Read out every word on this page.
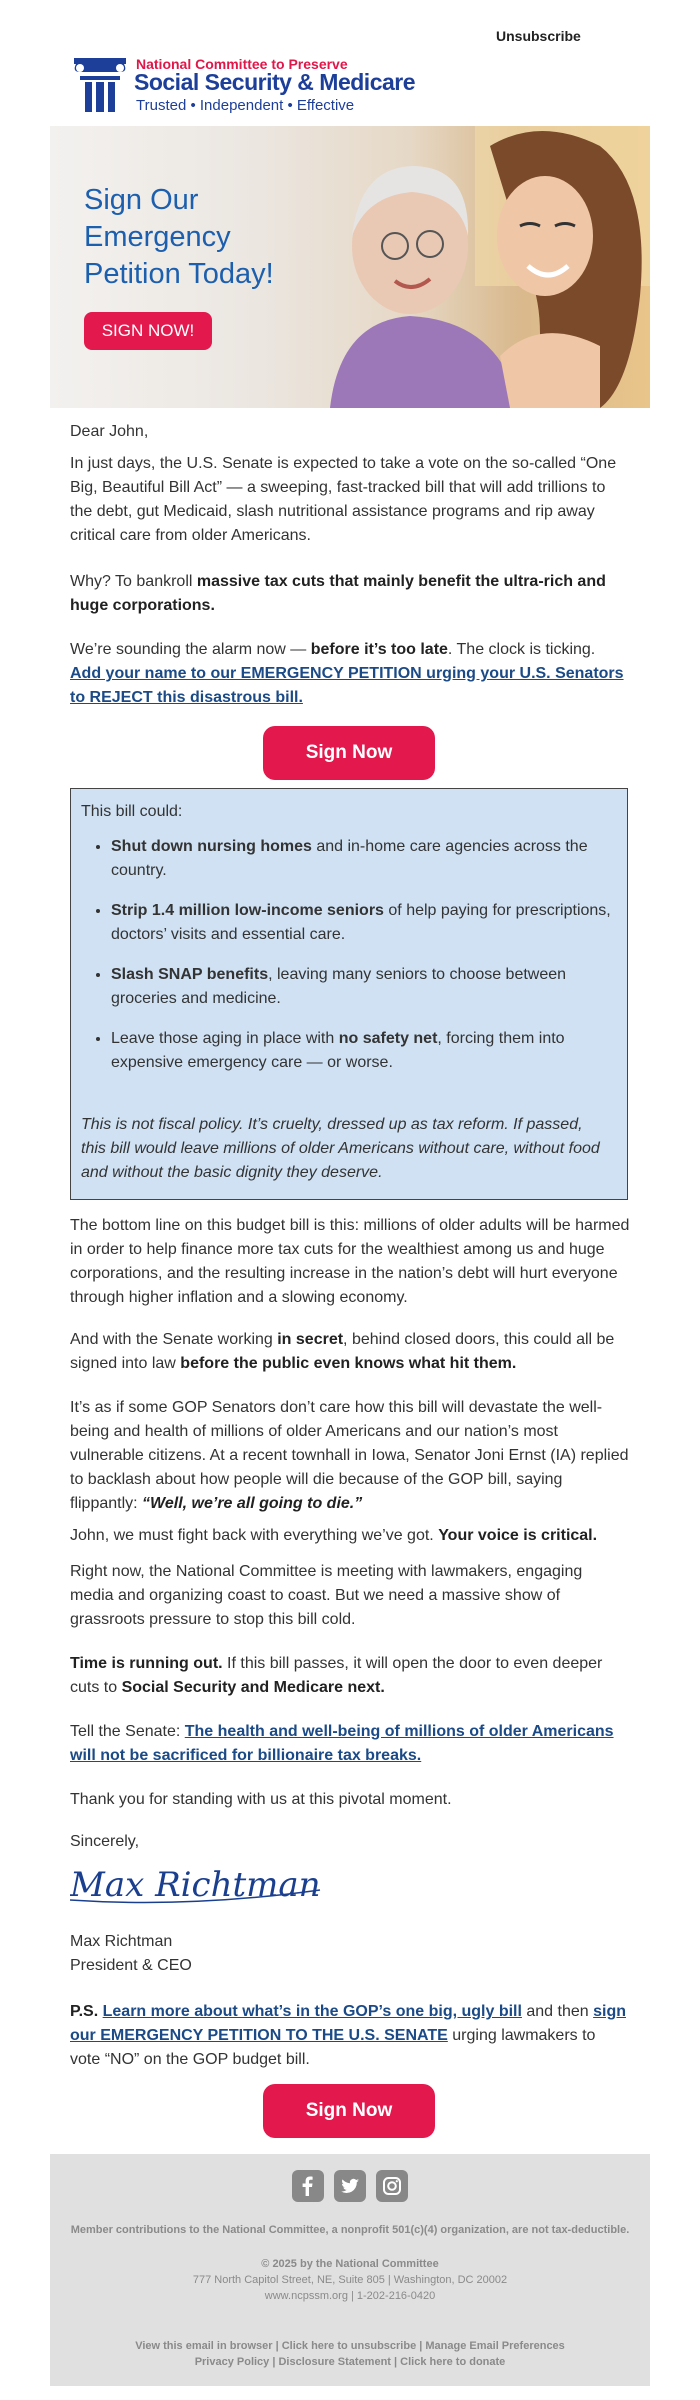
Unsubscribe
National Committee to Preserve
Social Security & Medicare
Trusted • Independent • Effective
Sign Our Emergency Petition Today!
SIGN NOW!

Dear John,

In just days, the U.S. Senate is expected to take a vote on the so-called “One Big, Beautiful Bill Act” — a sweeping, fast-tracked bill that will add trillions to the debt, gut Medicaid, slash nutritional assistance programs and rip away critical care from older Americans.

Why? To bankroll massive tax cuts that mainly benefit the ultra-rich and huge corporations.

We’re sounding the alarm now — before it’s too late. The clock is ticking.
Add your name to our EMERGENCY PETITION urging your U.S. Senators to REJECT this disastrous bill.

Sign Now

This bill could:

• Shut down nursing homes and in-home care agencies across the country.
• Strip 1.4 million low-income seniors of help paying for prescriptions, doctors’ visits and essential care.
• Slash SNAP benefits, leaving many seniors to choose between groceries and medicine.
• Leave those aging in place with no safety net, forcing them into expensive emergency care — or worse.

This is not fiscal policy. It’s cruelty, dressed up as tax reform. If passed, this bill would leave millions of older Americans without care, without food and without the basic dignity they deserve.

The bottom line on this budget bill is this: millions of older adults will be harmed in order to help finance more tax cuts for the wealthiest among us and huge corporations, and the resulting increase in the nation’s debt will hurt everyone through higher inflation and a slowing economy.

And with the Senate working in secret, behind closed doors, this could all be signed into law before the public even knows what hit them.

It’s as if some GOP Senators don’t care how this bill will devastate the well-being and health of millions of older Americans and our nation’s most vulnerable citizens. At a recent townhall in Iowa, Senator Joni Ernst (IA) replied to backlash about how people will die because of the GOP bill, saying flippantly: “Well, we’re all going to die.”

John, we must fight back with everything we’ve got. Your voice is critical.

Right now, the National Committee is meeting with lawmakers, engaging media and organizing coast to coast. But we need a massive show of grassroots pressure to stop this bill cold.

Time is running out. If this bill passes, it will open the door to even deeper cuts to Social Security and Medicare next.

Tell the Senate: The health and well-being of millions of older Americans will not be sacrificed for billionaire tax breaks.

Thank you for standing with us at this pivotal moment.

Sincerely,

Max Richtman

Max Richtman

President & CEO

P.S. Learn more about what’s in the GOP’s one big, ugly bill and then sign our EMERGENCY PETITION TO THE U.S. SENATE urging lawmakers to vote “NO” on the GOP budget bill.

Sign Now

Member contributions to the National Committee, a nonprofit 501(c)(4) organization, are not tax-deductible.

© 2025 by the National Committee

777 North Capitol Street, NE, Suite 805 | Washington, DC 20002

www.ncpssm.org | 1-202-216-0420

View this email in browser | Click here to unsubscribe | Manage Email Preferences

Privacy Policy | Disclosure Statement | Click here to donate
